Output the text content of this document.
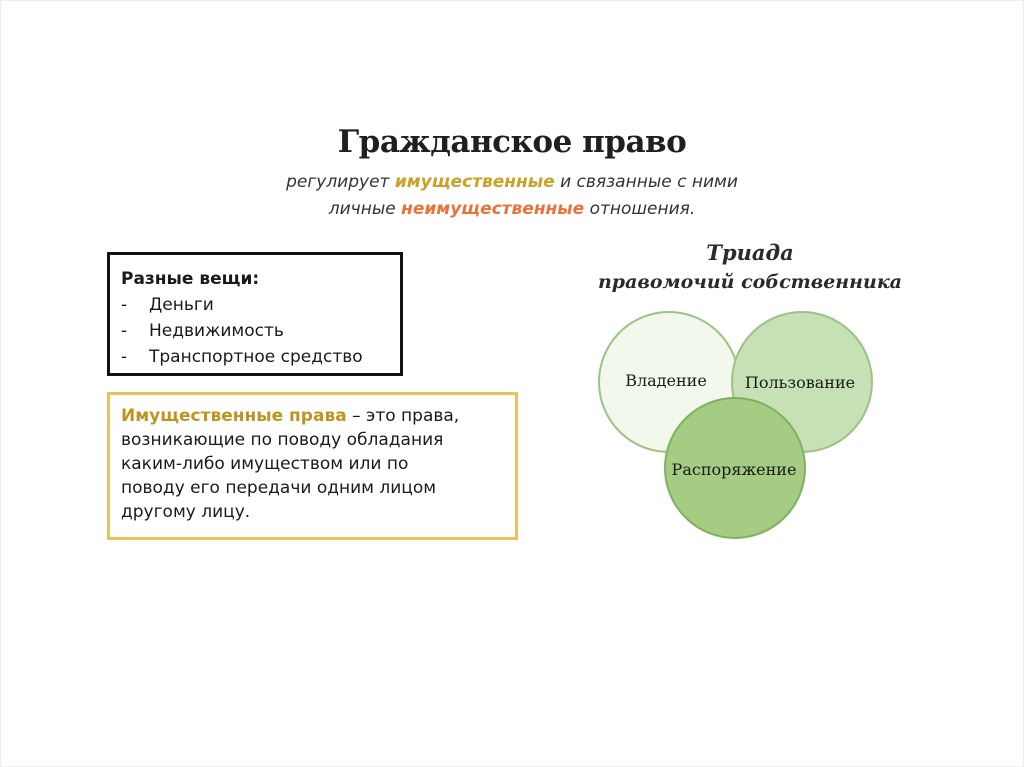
Гражданское право
регулирует имущественные и связанные с ними
личные неимущественные отношения.
Разные вещи:
-	Деньги
-	Недвижимость
-	Транспортное средство
Имущественные права – это права,
возникающие по поводу обладания
каким-либо имуществом или по
поводу его передачи одним лицом
другому лицу.
Триада
правомочий собственника
Владение Пользование
Распоряжение
